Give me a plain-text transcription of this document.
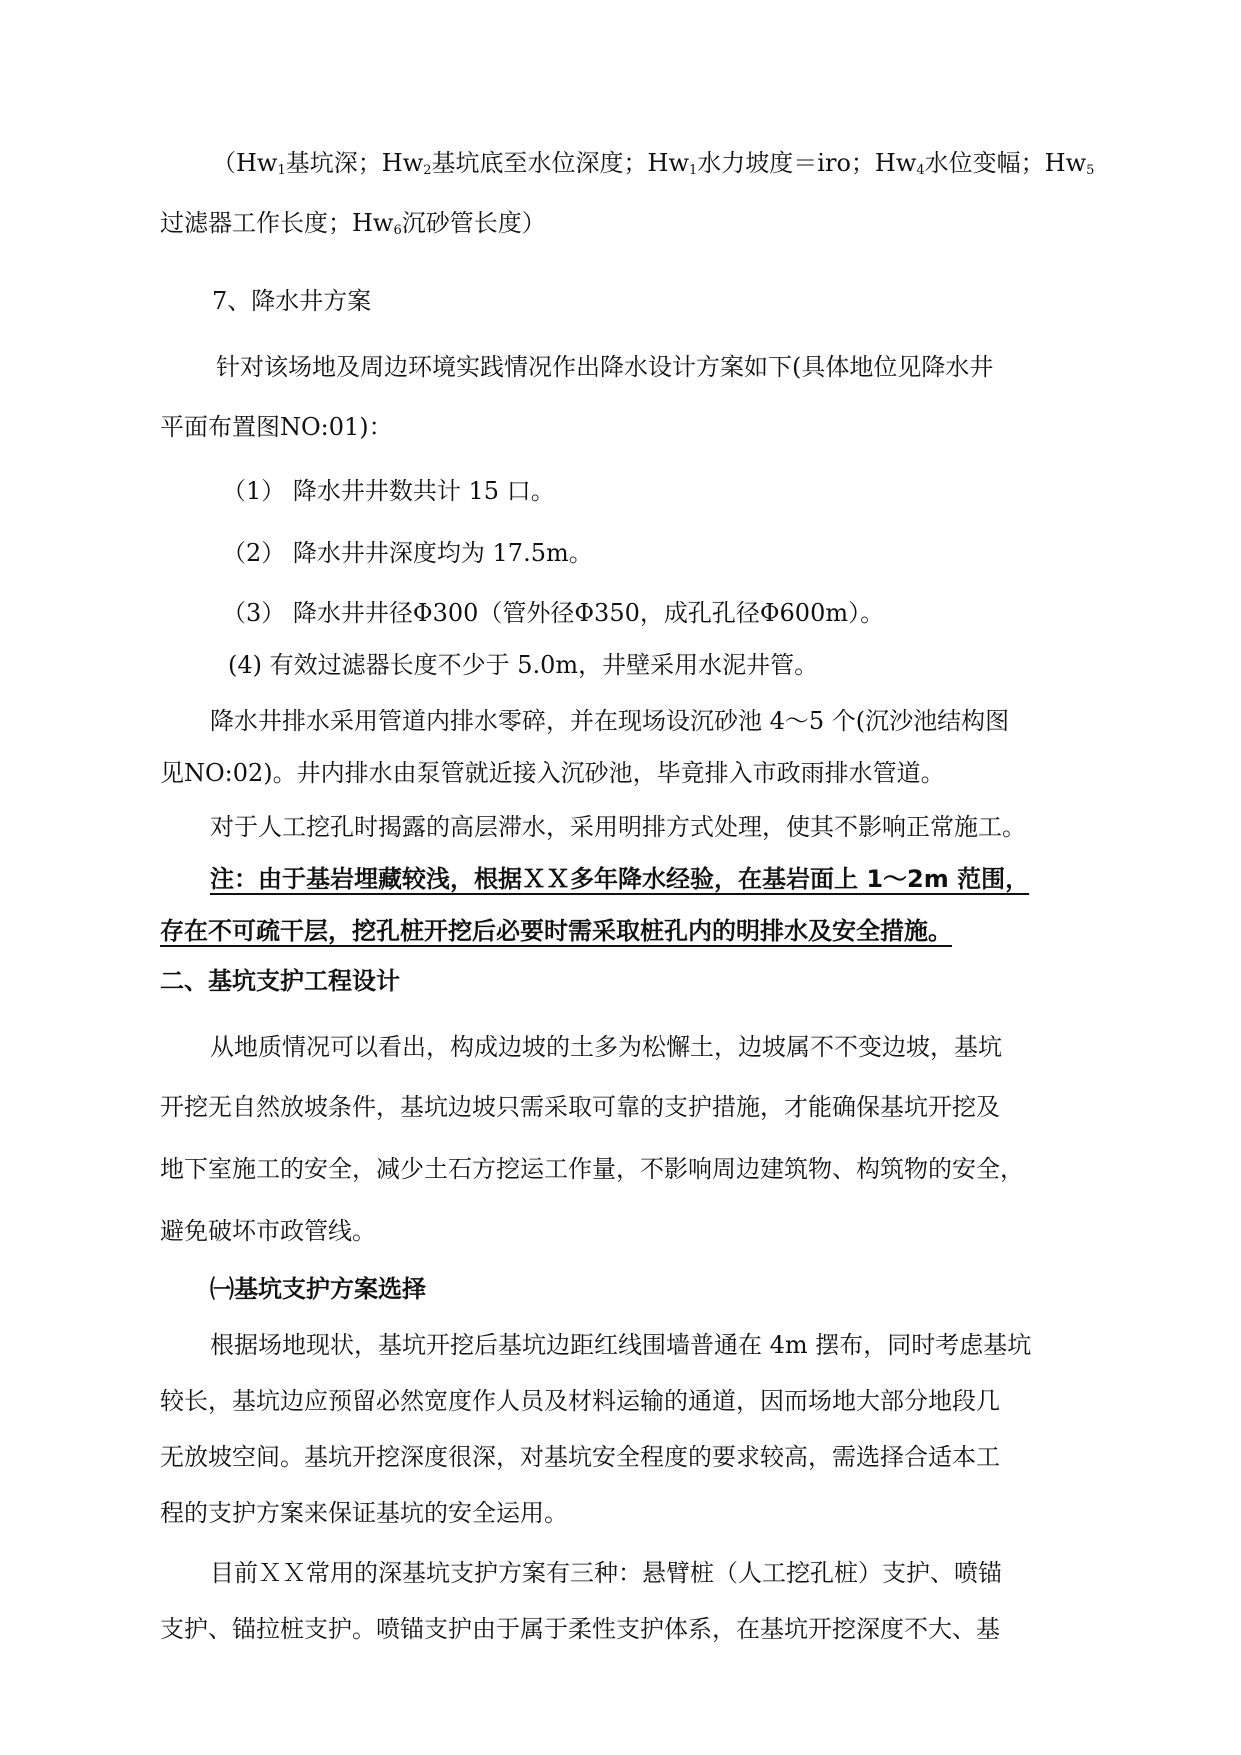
（$Hw_1$基坑深；$Hw_2$基坑底至水位深度；$Hw_1$水力坡度＝iro；$Hw_4$水位变幅；$Hw_5$
过滤器工作长度；$Hw_6$沉砂管长度）
7、降水井方案
针对该场地及周边环境实践情况作出降水设计方案如下(具体地位见降水井
平面布置图NO:01)：
（1） 降水井井数共计 15 口。
（2） 降水井井深度均为 17.5m。
（3） 降水井井径Φ300（管外径Φ350，成孔孔径Φ600m）。
(4) 有效过滤器长度不少于 5.0m，井壁采用水泥井管。
降水井排水采用管道内排水零碎，并在现场设沉砂池 4～5 个(沉沙池结构图
见NO:02)。井内排水由泵管就近接入沉砂池，毕竟排入市政雨排水管道。
对于人工挖孔时揭露的高层滞水，采用明排方式处理，使其不影响正常施工。
注：由于基岩埋藏较浅，根据ＸＸ多年降水经验，在基岩面上 1～2m 范围，
存在不可疏干层，挖孔桩开挖后必要时需采取桩孔内的明排水及安全措施。
二、基坑支护工程设计
从地质情况可以看出，构成边坡的土多为松懈土，边坡属不不变边坡，基坑
开挖无自然放坡条件，基坑边坡只需采取可靠的支护措施，才能确保基坑开挖及
地下室施工的安全，减少土石方挖运工作量，不影响周边建筑物、构筑物的安全，
避免破坏市政管线。
㈠基坑支护方案选择
根据场地现状，基坑开挖后基坑边距红线围墙普通在 4m 摆布，同时考虑基坑
较长，基坑边应预留必然宽度作人员及材料运输的通道，因而场地大部分地段几
无放坡空间。基坑开挖深度很深，对基坑安全程度的要求较高，需选择合适本工
程的支护方案来保证基坑的安全运用。
目前ＸＸ常用的深基坑支护方案有三种：悬臂桩（人工挖孔桩）支护、喷锚
支护、锚拉桩支护。喷锚支护由于属于柔性支护体系，在基坑开挖深度不大、基
